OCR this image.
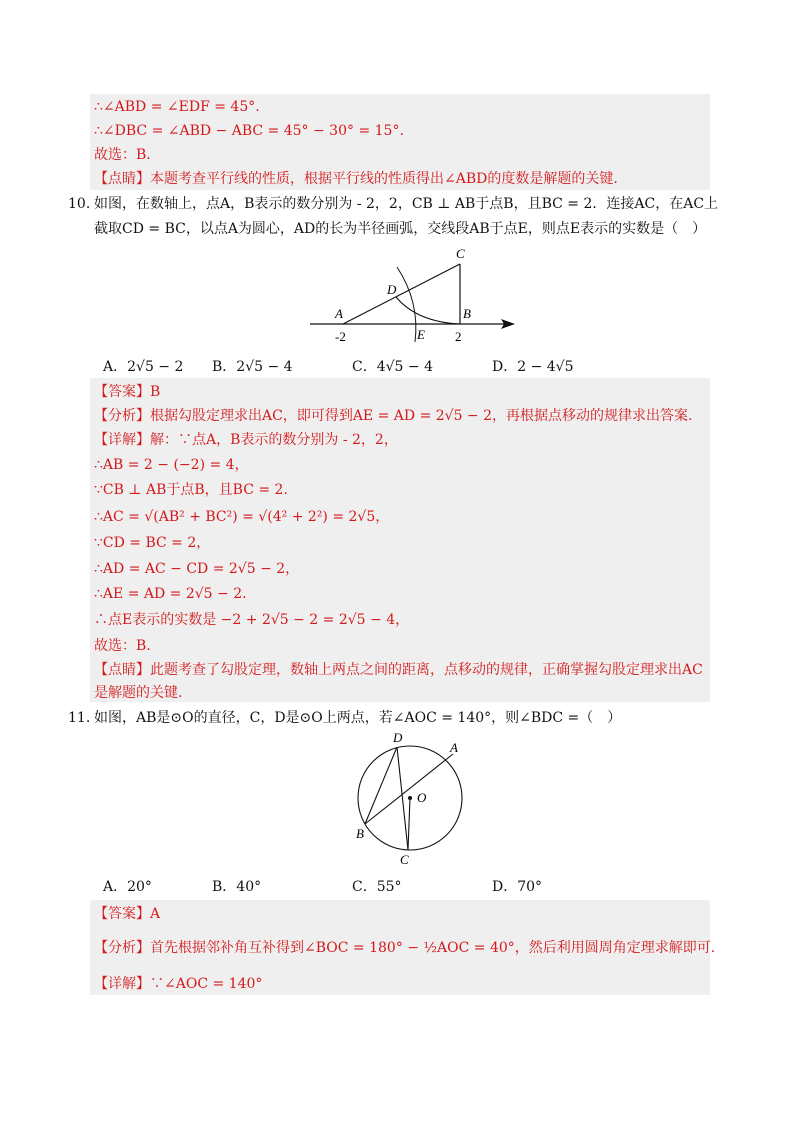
∴∠ABD = ∠EDF = 45°.
∴∠DBC = ∠ABD − ABC = 45° − 30° = 15°.
故选：B.
【点睛】本题考查平行线的性质，根据平行线的性质得出∠ABD的度数是解题的关键.
10. 如图，在数轴上，点A，B表示的数分别为 - 2，2，CB ⊥ AB于点B，且BC = 2．连接AC，在AC上
截取CD = BC，以点A为圆心，AD的长为半径画弧，交线段AB于点E，则点E表示的实数是（　）
A
-2
D
C
B
2
E
A．2√5 − 2 B．2√5 − 4	C．4√5 − 4	D．2 − 4√5
【答案】B
【分析】根据勾股定理求出AC，即可得到AE = AD = 2√5 − 2，再根据点移动的规律求出答案.
【详解】解：∵点A，B表示的数分别为 - 2，2，
∴AB = 2 − (−2) = 4，
∵CB ⊥ AB于点B，且BC = 2.
∴AC = √(AB² + BC²) = √(4² + 2²) = 2√5，
∵CD = BC = 2，
∴AD = AC − CD = 2√5 − 2，
∴AE = AD = 2√5 − 2.
∴点E表示的实数是 −2 + 2√5 − 2 = 2√5 − 4，
故选：B.
【点睛】此题考查了勾股定理，数轴上两点之间的距离，点移动的规律，正确掌握勾股定理求出AC
是解题的关键.
11. 如图，AB是⊙O的直径，C，D是⊙O上两点，若∠AOC = 140°，则∠BDC =（　）
D
A
O
B
C
A．20°	B．40°	C．55°	D．70°
【答案】A
【分析】首先根据邻补角互补得到∠BOC = 180° − ½AOC = 40°，然后利用圆周角定理求解即可.
【详解】∵∠AOC = 140°
